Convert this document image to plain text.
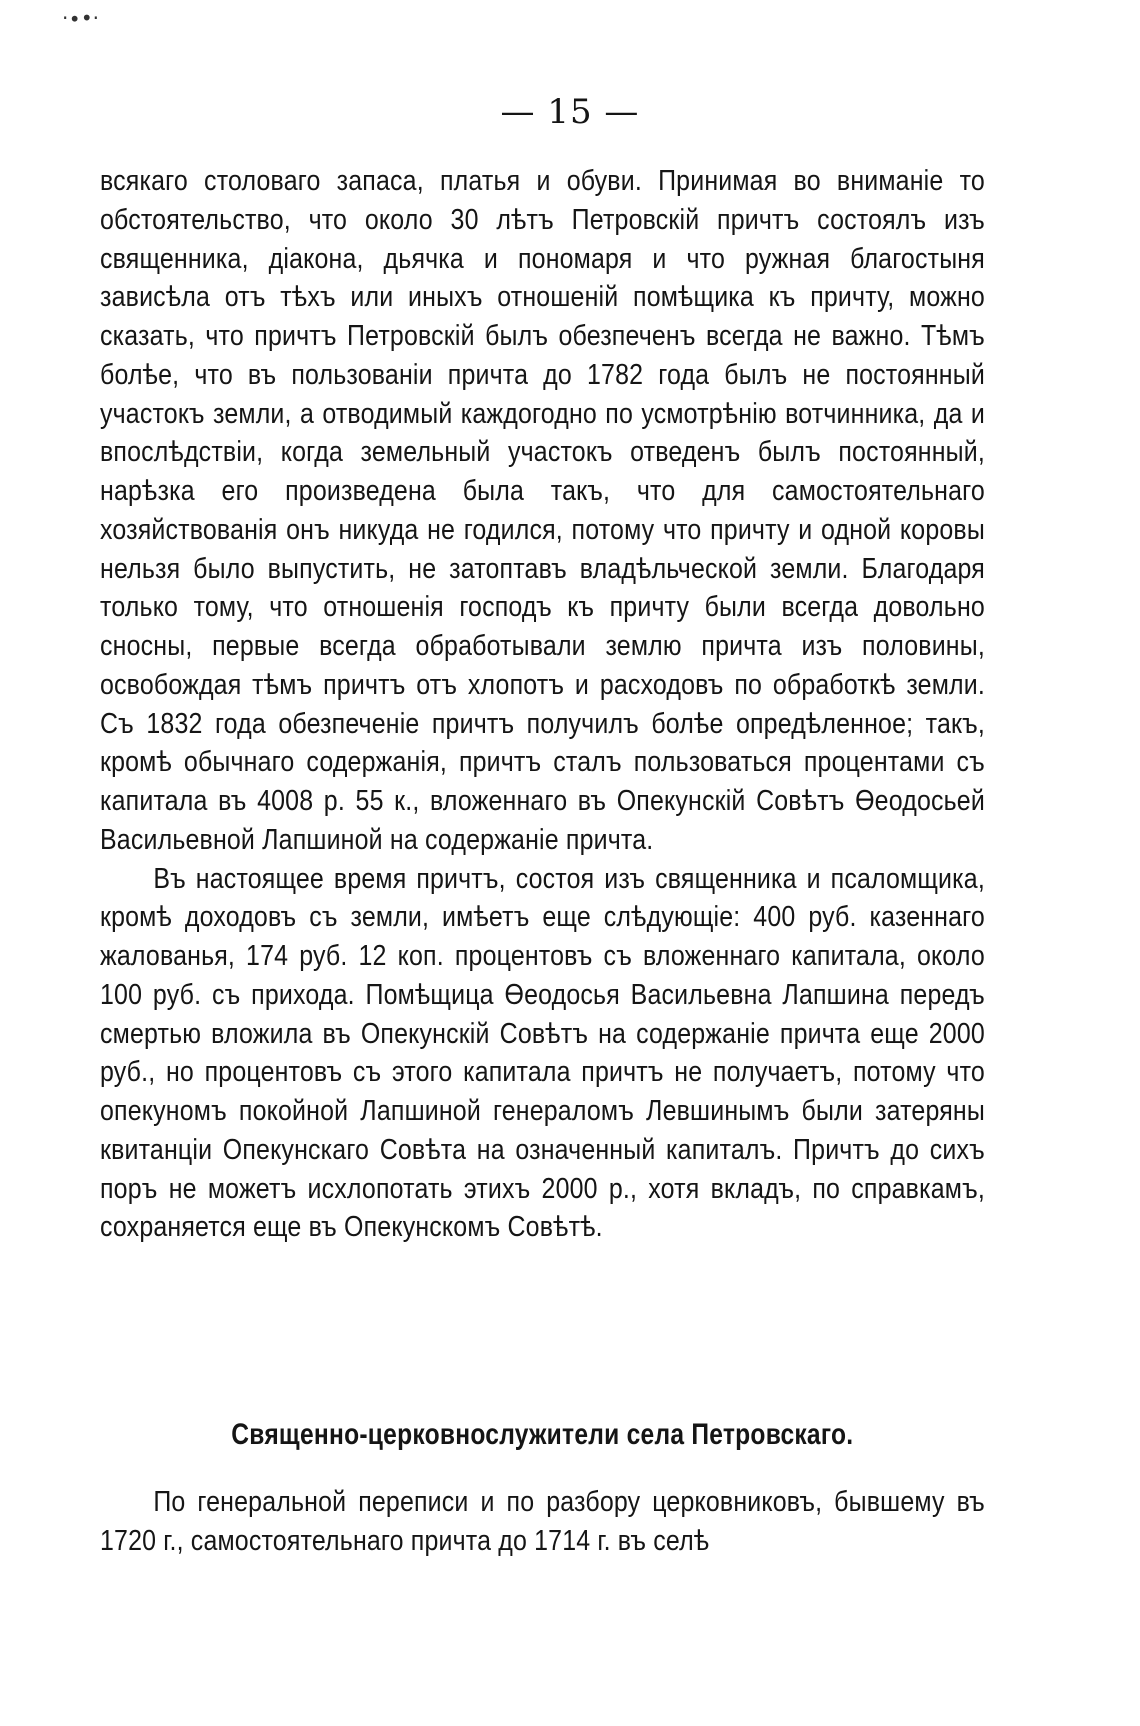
·∙•·
— 15 —

всякаго столоваго запаса, платья и обуви. Принимая во вниманіе то обстоятельство, что около 30 лѣтъ Петровскій причтъ состоялъ изъ священника, діакона, дьячка и пономаря и что ружная благостыня зависѣла отъ тѣхъ или иныхъ отношеній помѣщика къ причту, можно сказать, что причтъ Петровскій былъ обезпеченъ всегда не важно. Тѣмъ болѣе, что въ пользованіи причта до 1782 года былъ не постоянный участокъ земли, а отводимый каждогодно по усмотрѣнію вотчинника, да и впослѣдствіи, когда земельный участокъ отведенъ былъ постоянный, нарѣзка его произведена была такъ, что для самостоятельнаго хозяйствованія онъ никуда не годился, потому что причту и одной коровы нельзя было выпустить, не затоптавъ владѣльческой земли. Благодаря только тому, что отношенія господъ къ причту были всегда довольно сносны, первые всегда обработывали землю причта изъ половины, освобождая тѣмъ причтъ отъ хлопотъ и расходовъ по обработкѣ земли. Съ 1832 года обезпеченіе причтъ получилъ болѣе опредѣленное; такъ, кромѣ обычнаго содержанія, причтъ сталъ пользоваться процентами съ капитала въ 4008 р. 55 к., вложеннаго въ Опекунскій Совѣтъ Өеодосьей Васильевной Лапшиной на содержаніе причта.

Въ настоящее время причтъ, состоя изъ священника и псаломщика, кромѣ доходовъ съ земли, имѣетъ еще слѣдующіе: 400 руб. казеннаго жалованья, 174 руб. 12 коп. процентовъ съ вложеннаго капитала, около 100 руб. съ прихода. Помѣщица Өеодосья Васильевна Лапшина передъ смертью вложила въ Опекунскій Совѣтъ на содержаніе причта еще 2000 руб., но процентовъ съ этого капитала причтъ не получаетъ, потому что опекуномъ покойной Лапшиной генераломъ Левшинымъ были затеряны квитанціи Опекунскаго Совѣта на означенный капиталъ. Причтъ до сихъ поръ не можетъ исхлопотать этихъ 2000 р., хотя вкладъ, по справкамъ, сохраняется еще въ Опекунскомъ Совѣтѣ.

Священно-церковнослужители села Петровскаго.

По генеральной переписи и по разбору церковниковъ, бывшему въ 1720 г., самостоятельнаго причта до 1714 г. въ селѣ
